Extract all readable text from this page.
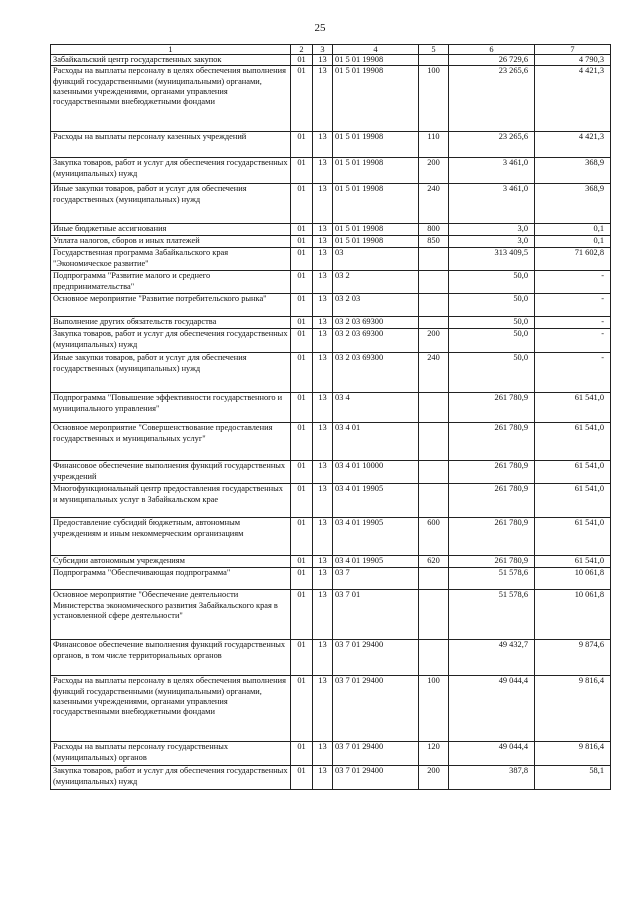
25
1	2	3	4	5	6	7
Забайкальский центр государственных закупок	01	13	01 5 01 19908		26 729,6	4 790,3
Расходы на выплаты персоналу в целях обеспечения выполнения функций государственными (муниципальными) органами, казенными учреждениями, органами управления государственными внебюджетными фондами	01	13	01 5 01 19908	100	23 265,6	4 421,3
Расходы на выплаты персоналу казенных учреждений	01	13	01 5 01 19908	110	23 265,6	4 421,3
Закупка товаров, работ и услуг для обеспечения государственных (муниципальных) нужд	01	13	01 5 01 19908	200	3 461,0	368,9
Иные закупки товаров, работ и услуг для обеспечения государственных (муниципальных) нужд	01	13	01 5 01 19908	240	3 461,0	368,9
Иные бюджетные ассигнования	01	13	01 5 01 19908	800	3,0	0,1
Уплата налогов, сборов и иных платежей	01	13	01 5 01 19908	850	3,0	0,1
Государственная программа Забайкальского края "Экономическое развитие"	01	13	03		313 409,5	71 602,8
Подпрограмма "Развитие малого и среднего предпринимательства"	01	13	03 2		50,0	-
Основное мероприятие "Развитие потребительского рынка"	01	13	03 2 03		50,0	-
Выполнение других обязательств государства	01	13	03 2 03 69300		50,0	-
Закупка товаров, работ и услуг для обеспечения государственных (муниципальных) нужд	01	13	03 2 03 69300	200	50,0	-
Иные закупки товаров, работ и услуг для обеспечения государственных (муниципальных) нужд	01	13	03 2 03 69300	240	50,0	-
Подпрограмма "Повышение эффективности государственного и муниципального управления"	01	13	03 4		261 780,9	61 541,0
Основное мероприятие "Совершенствование предоставления государственных и муниципальных услуг"	01	13	03 4 01		261 780,9	61 541,0
Финансовое обеспечение выполнения функций государственных учреждений	01	13	03 4 01 10000		261 780,9	61 541,0
Многофункциональный центр предоставления государственных и муниципальных услуг в Забайкальском крае	01	13	03 4 01 19905		261 780,9	61 541,0
Предоставление субсидий бюджетным, автономным учреждениям и иным некоммерческим организациям	01	13	03 4 01 19905	600	261 780,9	61 541,0
Субсидии автономным учреждениям	01	13	03 4 01 19905	620	261 780,9	61 541,0
Подпрограмма "Обеспечивающая подпрограмма"	01	13	03 7		51 578,6	10 061,8
Основное мероприятие "Обеспечение деятельности Министерства экономического развития Забайкальского края в установленной сфере деятельности"	01	13	03 7 01		51 578,6	10 061,8
Финансовое обеспечение выполнения функций государственных органов, в том числе территориальных органов	01	13	03 7 01 29400		49 432,7	9 874,6
Расходы на выплаты персоналу в целях обеспечения выполнения функций государственными (муниципальными) органами, казенными учреждениями, органами управления государственными внебюджетными фондами	01	13	03 7 01 29400	100	49 044,4	9 816,4
Расходы на выплаты персоналу государственных (муниципальных) органов	01	13	03 7 01 29400	120	49 044,4	9 816,4
Закупка товаров, работ и услуг для обеспечения государственных (муниципальных) нужд	01	13	03 7 01 29400	200	387,8	58,1
